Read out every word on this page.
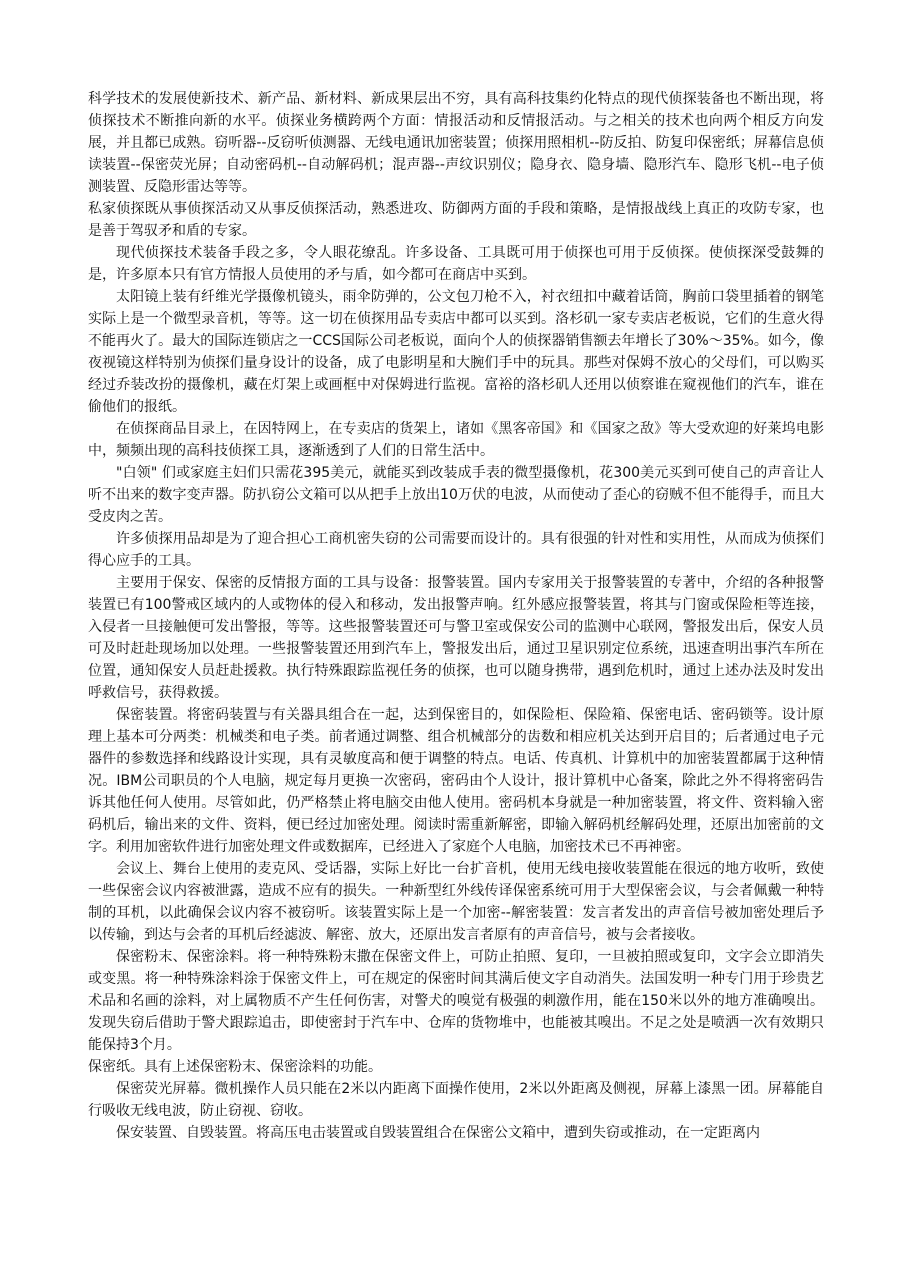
科学技术的发展使新技术、新产品、新材料、新成果层出不穷，具有高科技集约化特点的现代侦探装备也不断出现，将侦探技术不断推向新的水平。侦探业务横跨两个方面：情报活动和反情报活动。与之相关的技术也向两个相反方向发展，并且都已成熟。窃听器--反窃听侦测器、无线电通讯加密装置；侦探用照相机--防反拍、防复印保密纸；屏幕信息侦读装置--保密荧光屏；自动密码机--自动解码机；混声器--声纹识别仪；隐身衣、隐身墙、隐形汽车、隐形飞机--电子侦测装置、反隐形雷达等等。

私家侦探既从事侦探活动又从事反侦探活动，熟悉进攻、防御两方面的手段和策略，是情报战线上真正的攻防专家，也是善于驾驭矛和盾的专家。

现代侦探技术装备手段之多，令人眼花缭乱。许多设备、工具既可用于侦探也可用于反侦探。使侦探深受鼓舞的是，许多原本只有官方情报人员使用的矛与盾，如今都可在商店中买到。

太阳镜上装有纤维光学摄像机镜头，雨伞防弹的，公文包刀枪不入，衬衣纽扣中藏着话筒，胸前口袋里插着的钢笔实际上是一个微型录音机，等等。这一切在侦探用品专卖店中都可以买到。洛杉矶一家专卖店老板说，它们的生意火得不能再火了。最大的国际连锁店之一CCS国际公司老板说，面向个人的侦探器销售额去年增长了30%～35%。如今，像夜视镜这样特别为侦探们量身设计的设备，成了电影明星和大腕们手中的玩具。那些对保姆不放心的父母们，可以购买经过乔装改扮的摄像机，藏在灯架上或画框中对保姆进行监视。富裕的洛杉矶人还用以侦察谁在窥视他们的汽车，谁在偷他们的报纸。

在侦探商品目录上，在因特网上，在专卖店的货架上，诸如《黑客帝国》和《国家之敌》等大受欢迎的好莱坞电影中，频频出现的高科技侦探工具，逐渐透到了人们的日常生活中。

"白领" 们或家庭主妇们只需花395美元，就能买到改装成手表的微型摄像机，花300美元买到可使自己的声音让人听不出来的数字变声器。防扒窃公文箱可以从把手上放出10万伏的电波，从而使动了歪心的窃贼不但不能得手，而且大受皮肉之苦。

许多侦探用品却是为了迎合担心工商机密失窃的公司需要而设计的。具有很强的针对性和实用性，从而成为侦探们得心应手的工具。

主要用于保安、保密的反情报方面的工具与设备：报警装置。国内专家用关于报警装置的专著中，介绍的各种报警装置已有100警戒区域内的人或物体的侵入和移动，发出报警声响。红外感应报警装置，将其与门窗或保险柜等连接，入侵者一旦接触便可发出警报，等等。这些报警装置还可与警卫室或保安公司的监测中心联网，警报发出后，保安人员可及时赶赴现场加以处理。一些报警装置还用到汽车上，警报发出后，通过卫星识别定位系统，迅速查明出事汽车所在位置，通知保安人员赶赴援救。执行特殊跟踪监视任务的侦探，也可以随身携带，遇到危机时，通过上述办法及时发出呼救信号，获得救援。

保密装置。将密码装置与有关器具组合在一起，达到保密目的，如保险柜、保险箱、保密电话、密码锁等。设计原理上基本可分两类：机械类和电子类。前者通过调整、组合机械部分的齿数和相应机关达到开启目的；后者通过电子元器件的参数选择和线路设计实现，具有灵敏度高和便于调整的特点。电话、传真机、计算机中的加密装置都属于这种情况。IBM公司职员的个人电脑，规定每月更换一次密码，密码由个人设计，报计算机中心备案，除此之外不得将密码告诉其他任何人使用。尽管如此，仍严格禁止将电脑交由他人使用。密码机本身就是一种加密装置，将文件、资料输入密码机后，输出来的文件、资料，便已经过加密处理。阅读时需重新解密，即输入解码机经解码处理，还原出加密前的文字。利用加密软件进行加密处理文件或数据库，已经进入了家庭个人电脑，加密技术已不再神密。

会议上、舞台上使用的麦克风、受话器，实际上好比一台扩音机，使用无线电接收装置能在很远的地方收听，致使一些保密会议内容被泄露，造成不应有的损失。一种新型红外线传译保密系统可用于大型保密会议，与会者佩戴一种特制的耳机，以此确保会议内容不被窃听。该装置实际上是一个加密--解密装置：发言者发出的声音信号被加密处理后予以传输，到达与会者的耳机后经滤波、解密、放大，还原出发言者原有的声音信号，被与会者接收。

保密粉末、保密涂料。将一种特殊粉末撒在保密文件上，可防止拍照、复印，一旦被拍照或复印，文字会立即消失或变黑。将一种特殊涂料涂于保密文件上，可在规定的保密时间其满后使文字自动消失。法国发明一种专门用于珍贵艺术品和名画的涂料，对上属物质不产生任何伤害，对警犬的嗅觉有极强的刺激作用，能在150米以外的地方准确嗅出。发现失窃后借助于警犬跟踪追击，即使密封于汽车中、仓库的货物堆中，也能被其嗅出。不足之处是喷洒一次有效期只能保持3个月。

保密纸。具有上述保密粉末、保密涂料的功能。

保密荧光屏幕。微机操作人员只能在2米以内距离下面操作使用，2米以外距离及侧视，屏幕上漆黑一团。屏幕能自行吸收无线电波，防止窃视、窃收。

保安装置、自毁装置。将高压电击装置或自毁装置组合在保密公文箱中，遭到失窃或推动，在一定距离内
